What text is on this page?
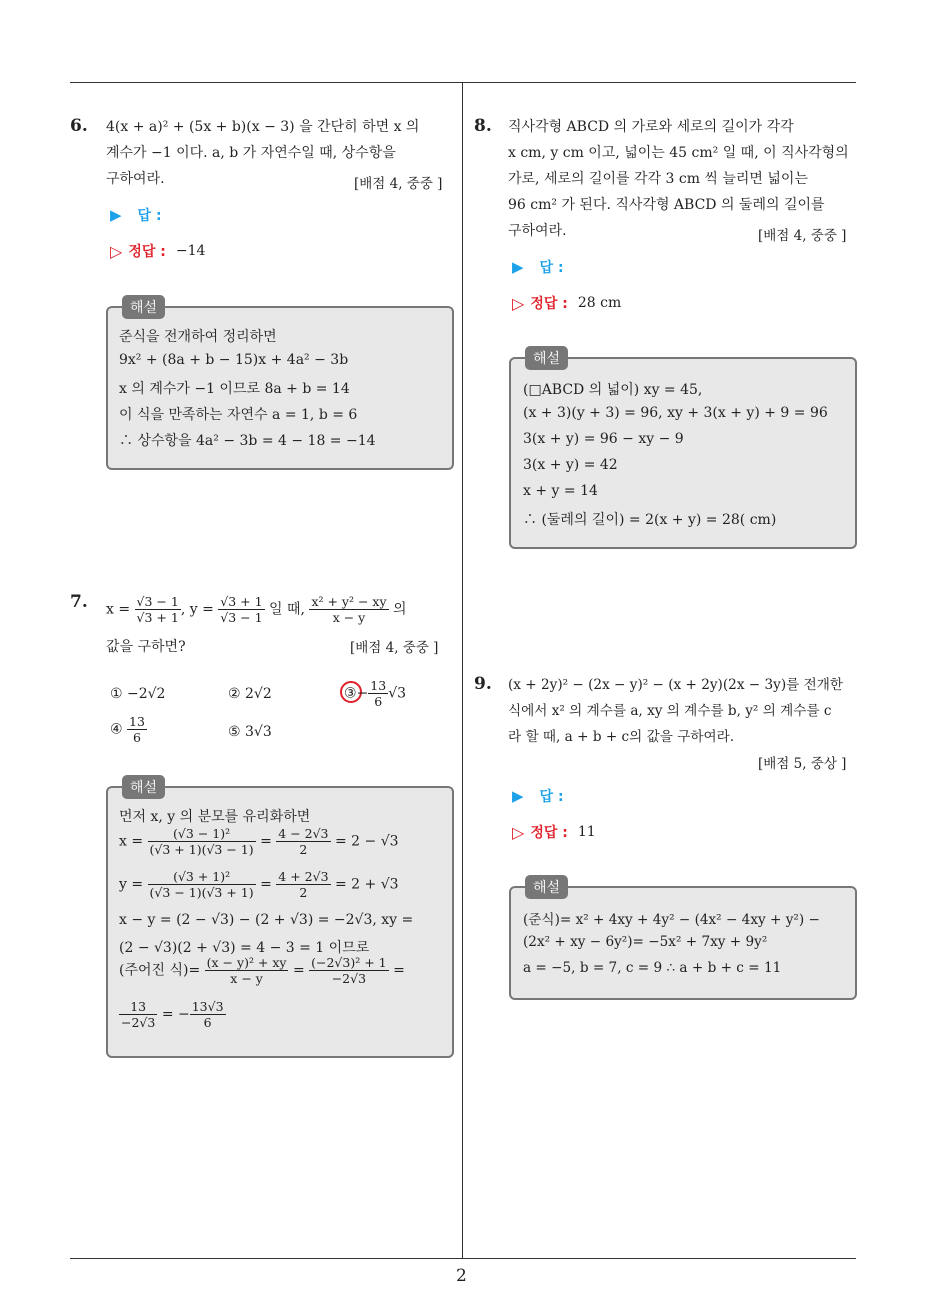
6. 4(x + a)² + (5x + b)(x − 3) 을 간단히 하면 x 의
계수가 −1 이다. a, b 가 자연수일 때, 상수항을
구하여라.	[배점 4, 중중 ]
▶ 답 :
▷ 정답 : −14
해설
준식을 전개하여 정리하면
9x² + (8a + b − 15)x + 4a² − 3b
x 의 계수가 −1 이므로 8a + b = 14
이 식을 만족하는 자연수 a = 1, b = 6
∴ 상수항을 4a² − 3b = 4 − 18 = −14
7. $x = \frac{√3 - 1}{√3 + 1}$ , $y = \frac{√3 + 1}{√3 - 1}$ 일 때, $\frac{\text{x² + y² − xy}}{x - y}$ 의
값을 구하면?	[배점 4, 중중 ]
① −2√2	② 2√2	③− $\frac{13}{6} √3$
④ $\frac{13}{6}$	⑤ 3√3
해설
먼저 x, y 의 분모를 유리화하면
$x = \frac{\text{(√3 − 1)²}}{(√3 + 1)(√3 - 1)} = \frac{4 - 2√3}{2} = 2 - √3$
$y = \frac{\text{(√3 + 1)²}}{(√3 - 1)(√3 + 1)} = \frac{4 + 2√3}{2} = 2 + √3$
x − y = (2 − √3) − (2 + √3) = −2√3, xy =
(2 − √3)(2 + √3) = 4 − 3 = 1 이므로
(주어진 식)= $\frac{\text{(x − y)² + xy}}{x - y} = \frac{\text{(−2√3)² + 1}}{-2√3}$ =
$\frac{13}{-2√3}$ = − $\frac{13√3}{6}$
8. 직사각형 ABCD 의 가로와 세로의 길이가 각각
x cm, y cm 이고, 넓이는 45 cm² 일 때, 이 직사각형의
가로, 세로의 길이를 각각 3 cm 씩 늘리면 넓이는
96 cm² 가 된다. 직사각형 ABCD 의 둘레의 길이를
구하여라.	[배점 4, 중중 ]
▶ 답 :
▷ 정답 : 28 cm
해설
(□ABCD 의 넓이) xy = 45,
(x + 3)(y + 3) = 96, xy + 3(x + y) + 9 = 96
3(x + y) = 96 − xy − 9
3(x + y) = 42
x + y = 14
∴ (둘레의 길이) = 2(x + y) = 28( cm)
9. (x + 2y)² − (2x − y)² − (x + 2y)(2x − 3y)를 전개한
식에서 x² 의 계수를 a, xy 의 계수를 b, y² 의 계수를 c
라 할 때, a + b + c의 값을 구하여라.
[배점 5, 중상 ]
▶ 답 :
▷ 정답 : 11
해설
(준식)= x² + 4xy + 4y² − (4x² − 4xy + y²) −
(2x² + xy − 6y²)= −5x² + 7xy + 9y²
a = −5, b = 7, c = 9 ∴ a + b + c = 11
2
